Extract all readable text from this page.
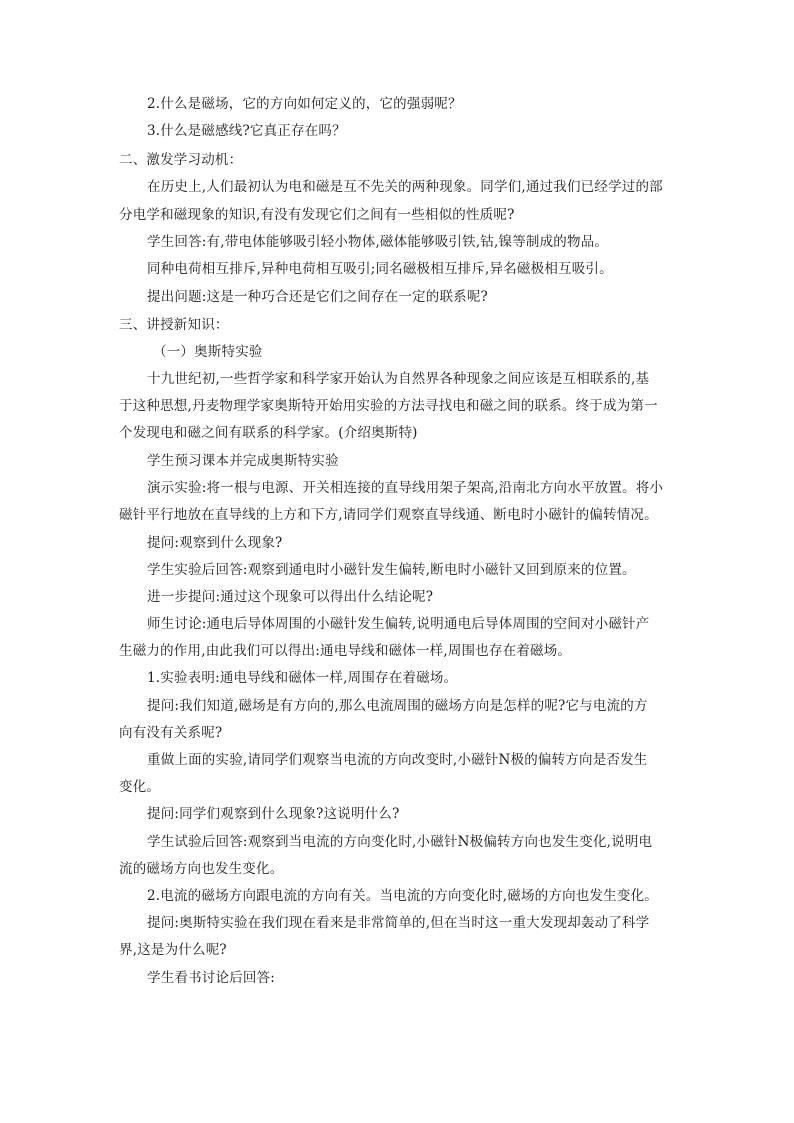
2.什么是磁场，它的方向如何定义的，它的强弱呢？
3.什么是磁感线?它真正存在吗？
二、激发学习动机：
在历史上,人们最初认为电和磁是互不先关的两种现象。同学们,通过我们已经学过的部
分电学和磁现象的知识,有没有发现它们之间有一些相似的性质呢?
学生回答:有,带电体能够吸引轻小物体,磁体能够吸引铁,钴,镍等制成的物品。
同种电荷相互排斥,异种电荷相互吸引;同名磁极相互排斥,异名磁极相互吸引。
提出问题:这是一种巧合还是它们之间存在一定的联系呢?
三、讲授新知识：
（一）奥斯特实验
十九世纪初,一些哲学家和科学家开始认为自然界各种现象之间应该是互相联系的,基
于这种思想,丹麦物理学家奥斯特开始用实验的方法寻找电和磁之间的联系。终于成为第一
个发现电和磁之间有联系的科学家。(介绍奥斯特)
学生预习课本并完成奥斯特实验
演示实验:将一根与电源、开关相连接的直导线用架子架高,沿南北方向水平放置。将小
磁针平行地放在直导线的上方和下方,请同学们观察直导线通、断电时小磁针的偏转情况。
提问:观察到什么现象?
学生实验后回答:观察到通电时小磁针发生偏转,断电时小磁针又回到原来的位置。
进一步提问:通过这个现象可以得出什么结论呢?
师生讨论:通电后导体周围的小磁针发生偏转,说明通电后导体周围的空间对小磁针产
生磁力的作用,由此我们可以得出:通电导线和磁体一样,周围也存在着磁场。
1.实验表明:通电导线和磁体一样,周围存在着磁场。
提问:我们知道,磁场是有方向的,那么电流周围的磁场方向是怎样的呢?它与电流的方
向有没有关系呢?
重做上面的实验,请同学们观察当电流的方向改变时,小磁针N极的偏转方向是否发生
变化。
提问:同学们观察到什么现象?这说明什么?
学生试验后回答:观察到当电流的方向变化时,小磁针N极偏转方向也发生变化,说明电
流的磁场方向也发生变化。
2.电流的磁场方向跟电流的方向有关。当电流的方向变化时,磁场的方向也发生变化。
提问:奥斯特实验在我们现在看来是非常简单的,但在当时这一重大发现却轰动了科学
界,这是为什么呢?
学生看书讨论后回答:
